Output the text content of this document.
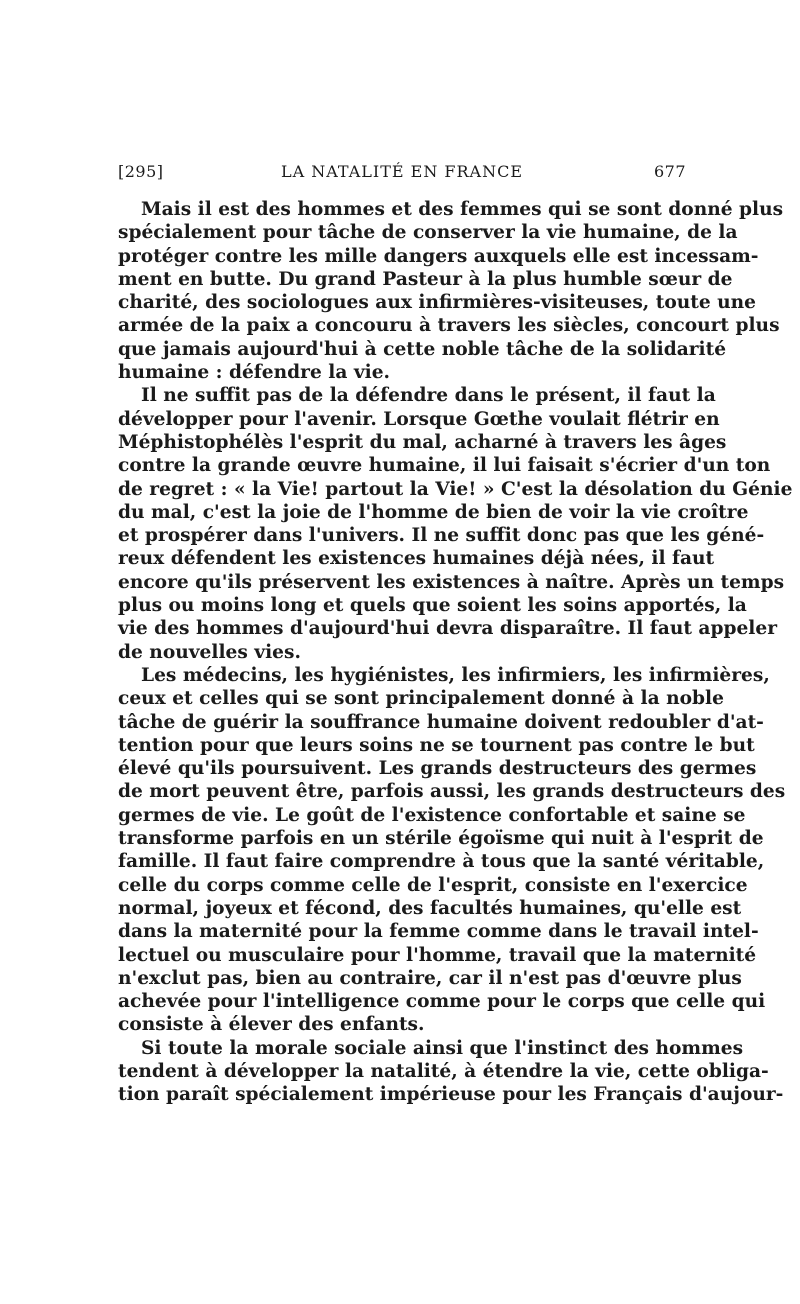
[295]	LA NATALITÉ EN FRANCE	677
Mais il est des hommes et des femmes qui se sont donné plus
spécialement pour tâche de conserver la vie humaine, de la
protéger contre les mille dangers auxquels elle est incessam-
ment en butte. Du grand Pasteur à la plus humble sœur de
charité, des sociologues aux infirmières-visiteuses, toute une
armée de la paix a concouru à travers les siècles, concourt plus
que jamais aujourd'hui à cette noble tâche de la solidarité
humaine : défendre la vie.
Il ne suffit pas de la défendre dans le présent, il faut la
développer pour l'avenir. Lorsque Gœthe voulait flétrir en
Méphistophélès l'esprit du mal, acharné à travers les âges
contre la grande œuvre humaine, il lui faisait s'écrier d'un ton
de regret : « la Vie! partout la Vie! » C'est la désolation du Génie
du mal, c'est la joie de l'homme de bien de voir la vie croître
et prospérer dans l'univers. Il ne suffit donc pas que les géné-
reux défendent les existences humaines déjà nées, il faut
encore qu'ils préservent les existences à naître. Après un temps
plus ou moins long et quels que soient les soins apportés, la
vie des hommes d'aujourd'hui devra disparaître. Il faut appeler
de nouvelles vies.
Les médecins, les hygiénistes, les infirmiers, les infirmières,
ceux et celles qui se sont principalement donné à la noble
tâche de guérir la souffrance humaine doivent redoubler d'at-
tention pour que leurs soins ne se tournent pas contre le but
élevé qu'ils poursuivent. Les grands destructeurs des germes
de mort peuvent être, parfois aussi, les grands destructeurs des
germes de vie. Le goût de l'existence confortable et saine se
transforme parfois en un stérile égoïsme qui nuit à l'esprit de
famille. Il faut faire comprendre à tous que la santé véritable,
celle du corps comme celle de l'esprit, consiste en l'exercice
normal, joyeux et fécond, des facultés humaines, qu'elle est
dans la maternité pour la femme comme dans le travail intel-
lectuel ou musculaire pour l'homme, travail que la maternité
n'exclut pas, bien au contraire, car il n'est pas d'œuvre plus
achevée pour l'intelligence comme pour le corps que celle qui
consiste à élever des enfants.
Si toute la morale sociale ainsi que l'instinct des hommes
tendent à développer la natalité, à étendre la vie, cette obliga-
tion paraît spécialement impérieuse pour les Français d'aujour-
